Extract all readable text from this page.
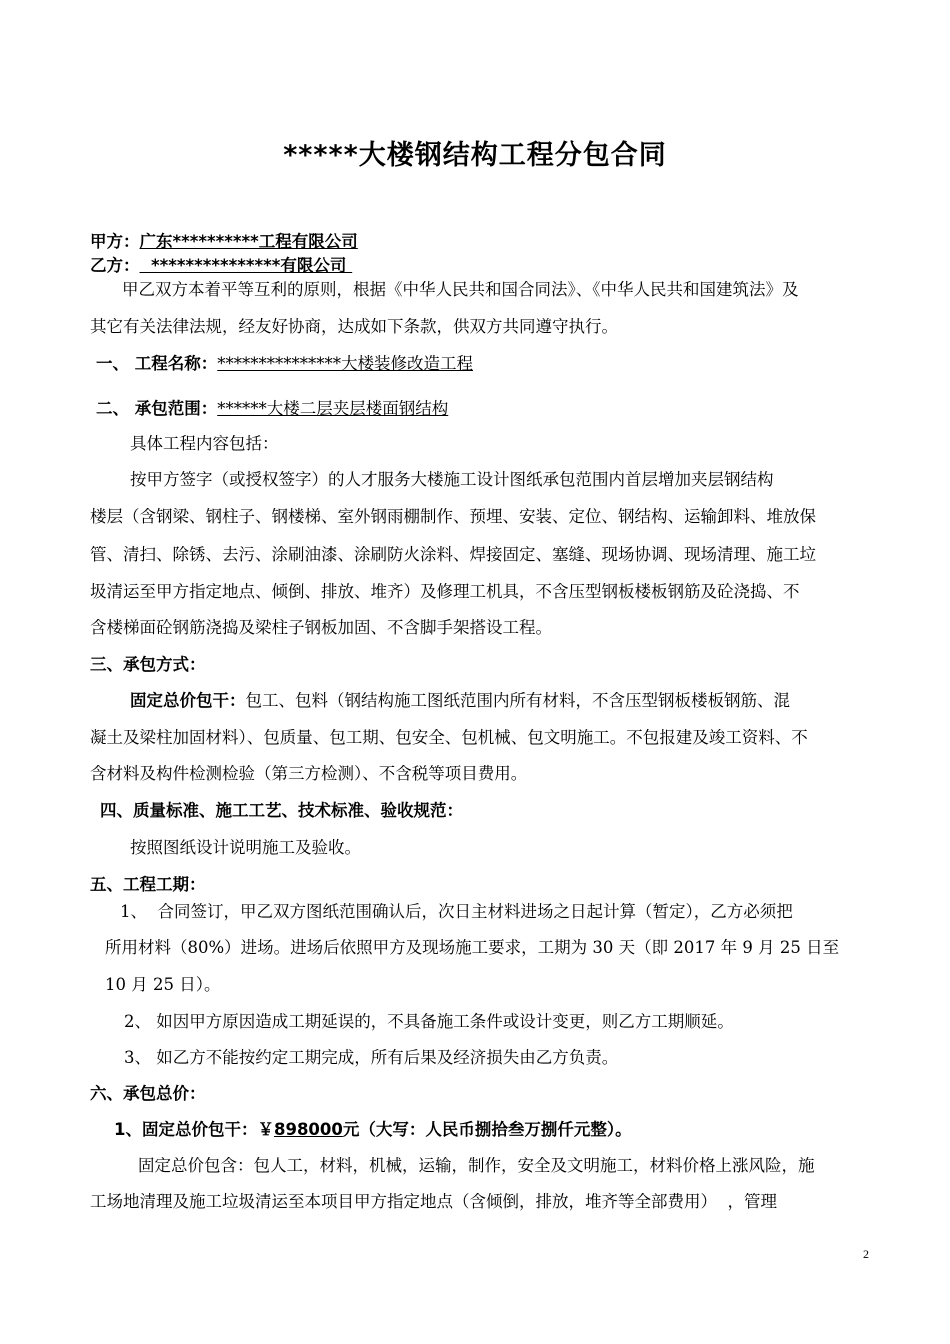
*****大楼钢结构工程分包合同
甲方：广东**********工程有限公司
乙方：  ***************有限公司
甲乙双方本着平等互利的原则，根据《中华人民共和国合同法》、《中华人民共和国建筑法》及
其它有关法律法规，经友好协商，达成如下条款，供双方共同遵守执行。
一、 工程名称：***************大楼装修改造工程
二、 承包范围：******大楼二层夹层楼面钢结构
具体工程内容包括：
按甲方签字（或授权签字）的人才服务大楼施工设计图纸承包范围内首层增加夹层钢结构
楼层（含钢梁、钢柱子、钢楼梯、室外钢雨棚制作、预埋、安装、定位、钢结构、运输卸料、堆放保
管、清扫、除锈、去污、涂刷油漆、涂刷防火涂料、焊接固定、塞缝、现场协调、现场清理、施工垃
圾清运至甲方指定地点、倾倒、排放、堆齐）及修理工机具，不含压型钢板楼板钢筋及砼浇捣、不
含楼梯面砼钢筋浇捣及梁柱子钢板加固、不含脚手架搭设工程。
三、承包方式：
固定总价包干：包工、包料（钢结构施工图纸范围内所有材料，不含压型钢板楼板钢筋、混
凝土及梁柱加固材料）、包质量、包工期、包安全、包机械、包文明施工。不包报建及竣工资料、不
含材料及构件检测检验（第三方检测）、不含税等项目费用。
四、质量标准、施工工艺、技术标准、验收规范：
按照图纸设计说明施工及验收。
五、工程工期：
1、  合同签订，甲乙双方图纸范围确认后，次日主材料进场之日起计算（暂定），乙方必须把
所用材料（80%）进场。进场后依照甲方及现场施工要求，工期为 30 天（即 2017 年 9 月 25 日至
10 月 25 日）。
2、 如因甲方原因造成工期延误的，不具备施工条件或设计变更，则乙方工期顺延。
3、 如乙方不能按约定工期完成，所有后果及经济损失由乙方负责。
六、承包总价：
1、固定总价包干：￥898000元（大写：人民币捌拾叁万捌仟元整）。
固定总价包含：包人工，材料，机械，运输，制作，安全及文明施工，材料价格上涨风险，施
工场地清理及施工垃圾清运至本项目甲方指定地点（含倾倒，排放，堆齐等全部费用）  ，管理
2
